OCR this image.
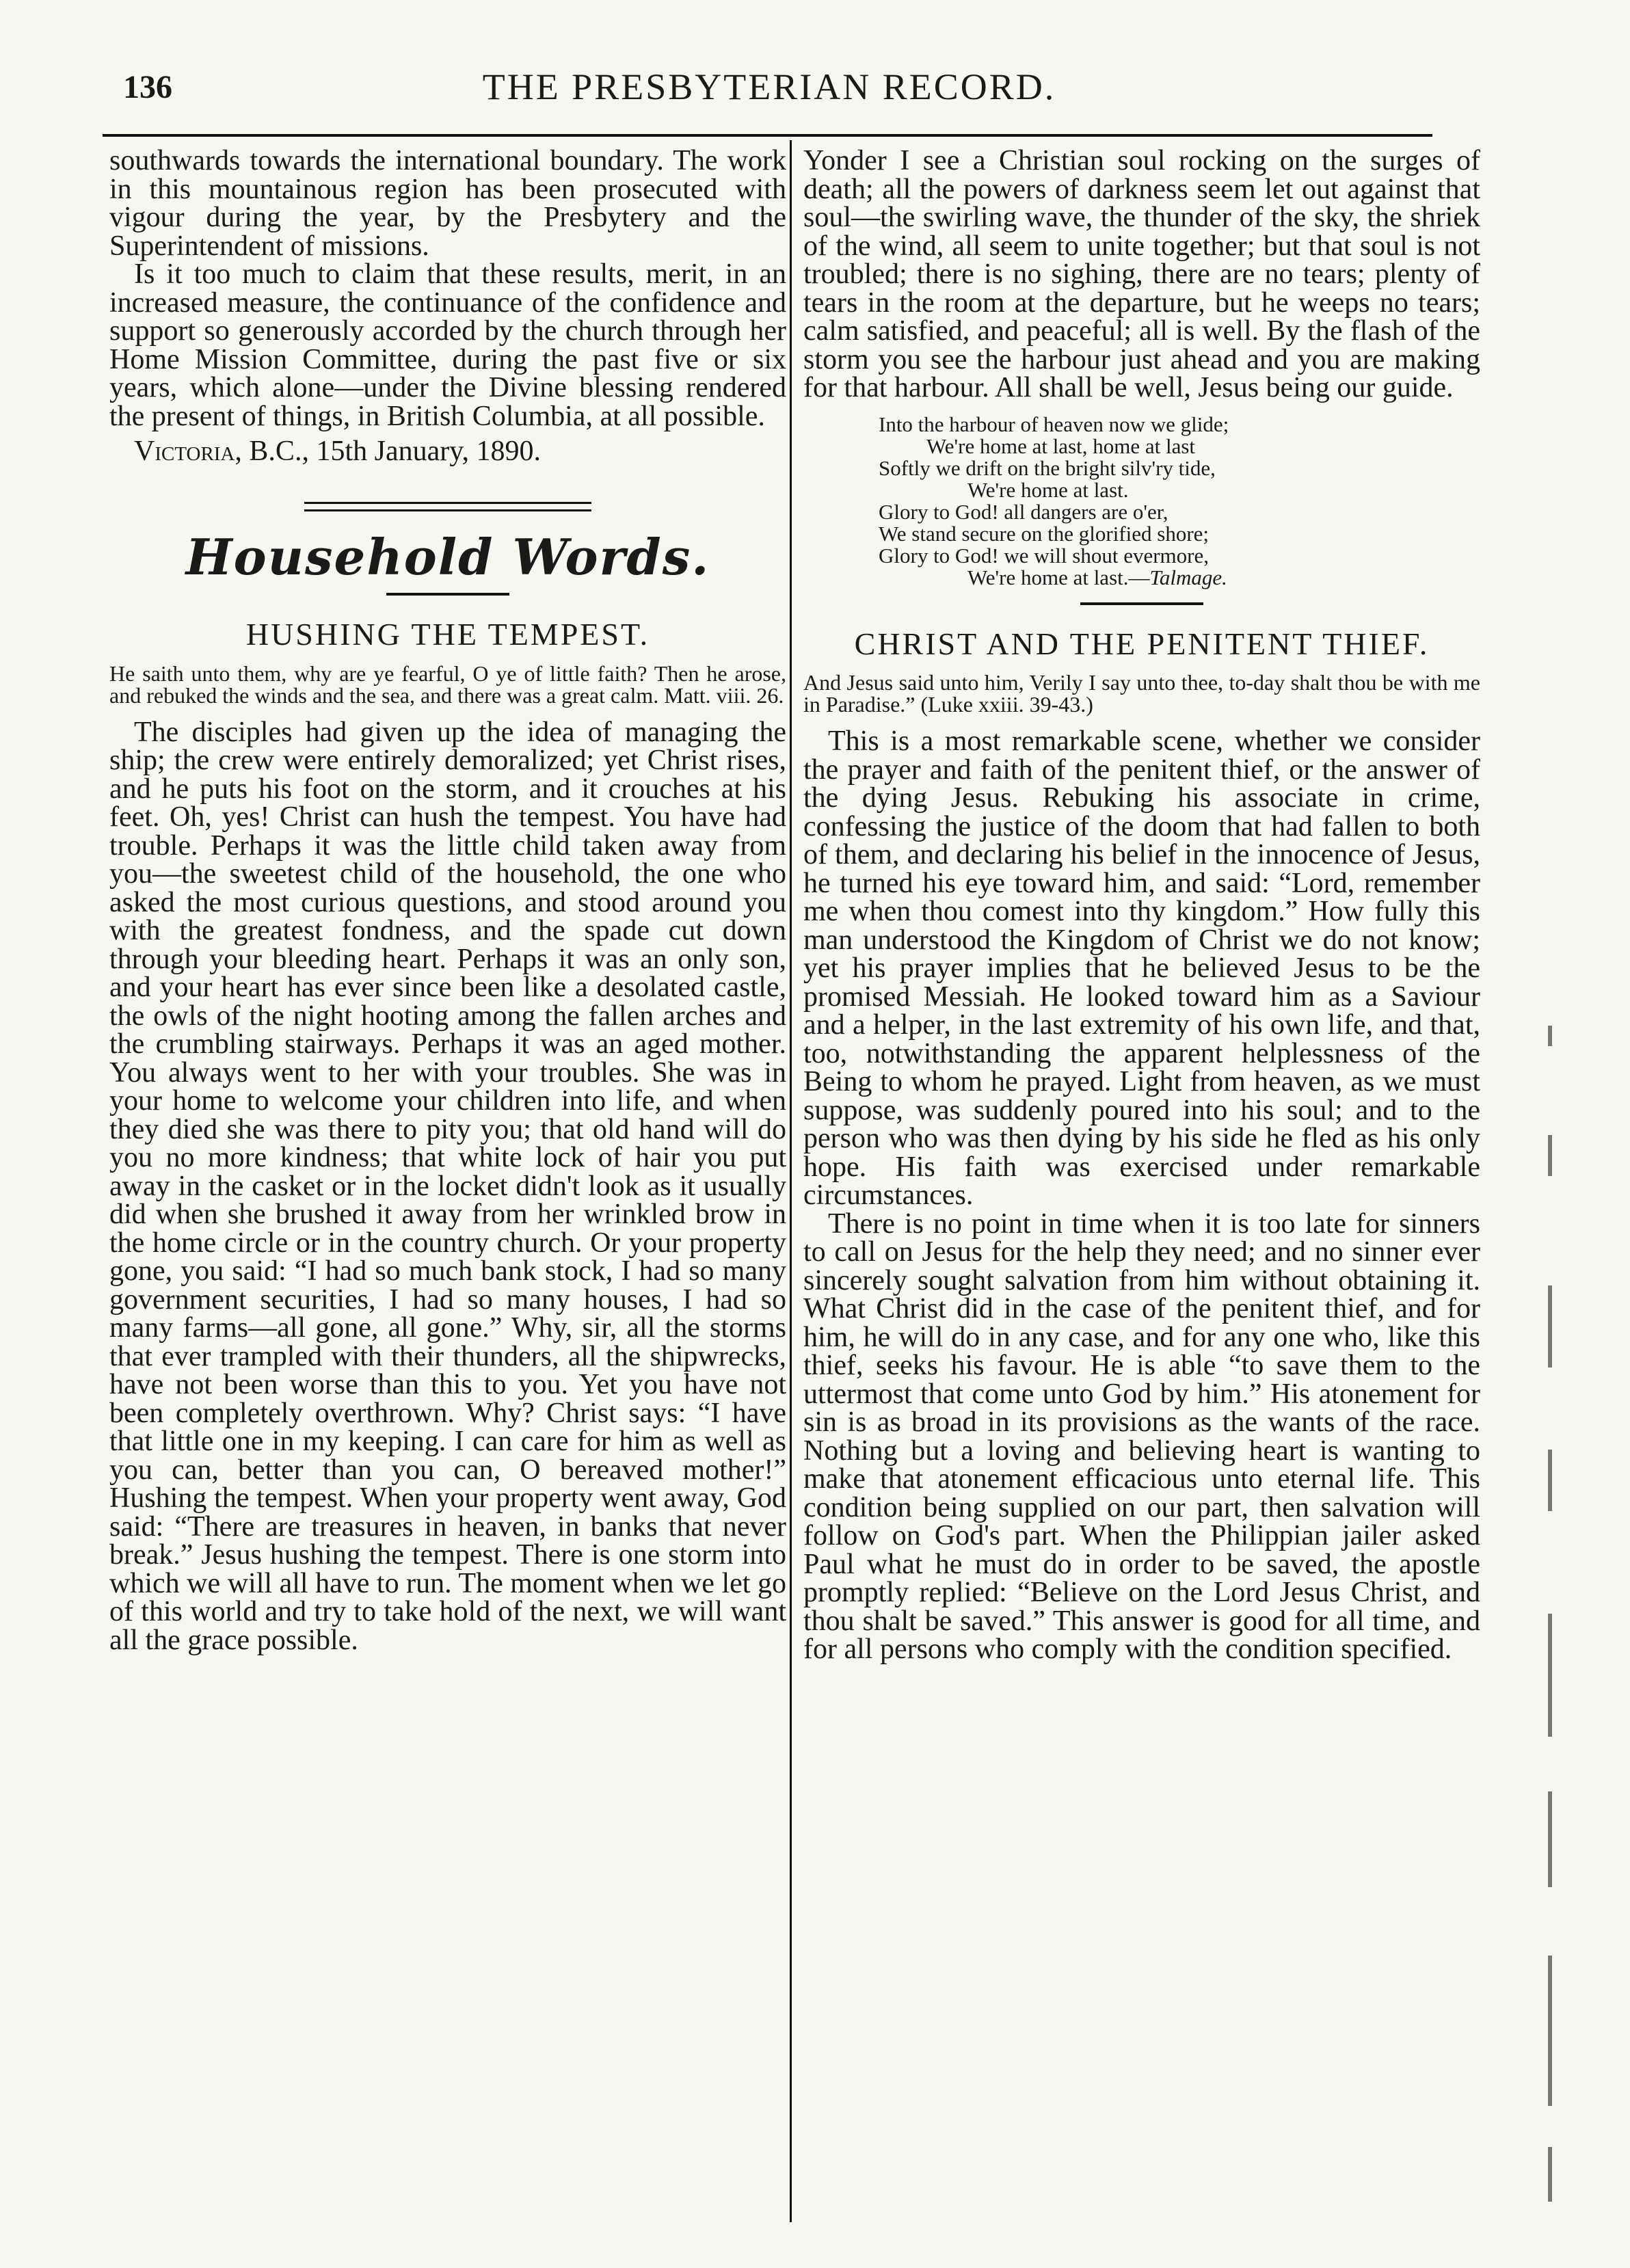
136	THE PRESBYTERIAN RECORD.

southwards towards the international boundary. The work in this mountainous region has been prosecuted with vigour during the year, by the Presbytery and the Superintendent of missions.

Is it too much to claim that these results, merit, in an increased measure, the continuance of the confidence and support so generously accorded by the church through her Home Mission Committee, during the past five or six years, which alone—under the Divine blessing rendered the present of things, in British Columbia, at all possible.

Victoria, B.C., 15th January, 1890.

Household Words.
HUSHING THE TEMPEST.
He saith unto them, why are ye fearful, O ye of little faith? Then he arose, and rebuked the winds and the sea, and there was a great calm. Matt. viii. 26.

The disciples had given up the idea of managing the ship; the crew were entirely demoralized; yet Christ rises, and he puts his foot on the storm, and it crouches at his feet. Oh, yes! Christ can hush the tempest. You have had trouble. Perhaps it was the little child taken away from you—the sweetest child of the household, the one who asked the most curious questions, and stood around you with the greatest fondness, and the spade cut down through your bleeding heart. Perhaps it was an only son, and your heart has ever since been like a desolated castle, the owls of the night hooting among the fallen arches and the crumbling stairways. Perhaps it was an aged mother. You always went to her with your troubles. She was in your home to welcome your children into life, and when they died she was there to pity you; that old hand will do you no more kindness; that white lock of hair you put away in the casket or in the locket didn't look as it usually did when she brushed it away from her wrinkled brow in the home circle or in the country church. Or your property gone, you said: “I had so much bank stock, I had so many government securities, I had so many houses, I had so many farms—all gone, all gone.” Why, sir, all the storms that ever trampled with their thunders, all the shipwrecks, have not been worse than this to you. Yet you have not been completely overthrown. Why? Christ says: “I have that little one in my keeping. I can care for him as well as you can, better than you can, O bereaved mother!” Hushing the tempest. When your property went away, God said: “There are treasures in heaven, in banks that never break.” Jesus hushing the tempest. There is one storm into which we will all have to run. The moment when we let go of this world and try to take hold of the next, we will want all the grace possible.

Yonder I see a Christian soul rocking on the surges of death; all the powers of darkness seem let out against that soul—the swirling wave, the thunder of the sky, the shriek of the wind, all seem to unite together; but that soul is not troubled; there is no sighing, there are no tears; plenty of tears in the room at the departure, but he weeps no tears; calm satisfied, and peaceful; all is well. By the flash of the storm you see the harbour just ahead and you are making for that harbour. All shall be well, Jesus being our guide.

Into the harbour of heaven now we glide;
We're home at last, home at last
Softly we drift on the bright silv'ry tide,
We're home at last.
Glory to God! all dangers are o'er,
We stand secure on the glorified shore;
Glory to God! we will shout evermore,
We're home at last.—Talmage.
CHRIST AND THE PENITENT THIEF.
And Jesus said unto him, Verily I say unto thee, to-day shalt thou be with me in Paradise.” (Luke xxiii. 39-43.)

This is a most remarkable scene, whether we consider the prayer and faith of the penitent thief, or the answer of the dying Jesus. Rebuking his associate in crime, confessing the justice of the doom that had fallen to both of them, and declaring his belief in the innocence of Jesus, he turned his eye toward him, and said: “Lord, remember me when thou comest into thy kingdom.” How fully this man understood the Kingdom of Christ we do not know; yet his prayer implies that he believed Jesus to be the promised Messiah. He looked toward him as a Saviour and a helper, in the last extremity of his own life, and that, too, notwithstanding the apparent helplessness of the Being to whom he prayed. Light from heaven, as we must suppose, was suddenly poured into his soul; and to the person who was then dying by his side he fled as his only hope. His faith was exercised under remarkable circumstances.

There is no point in time when it is too late for sinners to call on Jesus for the help they need; and no sinner ever sincerely sought salvation from him without obtaining it. What Christ did in the case of the penitent thief, and for him, he will do in any case, and for any one who, like this thief, seeks his favour. He is able “to save them to the uttermost that come unto God by him.” His atonement for sin is as broad in its provisions as the wants of the race. Nothing but a loving and believing heart is wanting to make that atonement efficacious unto eternal life. This condition being supplied on our part, then salvation will follow on God's part. When the Philippian jailer asked Paul what he must do in order to be saved, the apostle promptly replied: “Believe on the Lord Jesus Christ, and thou shalt be saved.” This answer is good for all time, and for all persons who comply with the condition specified.
